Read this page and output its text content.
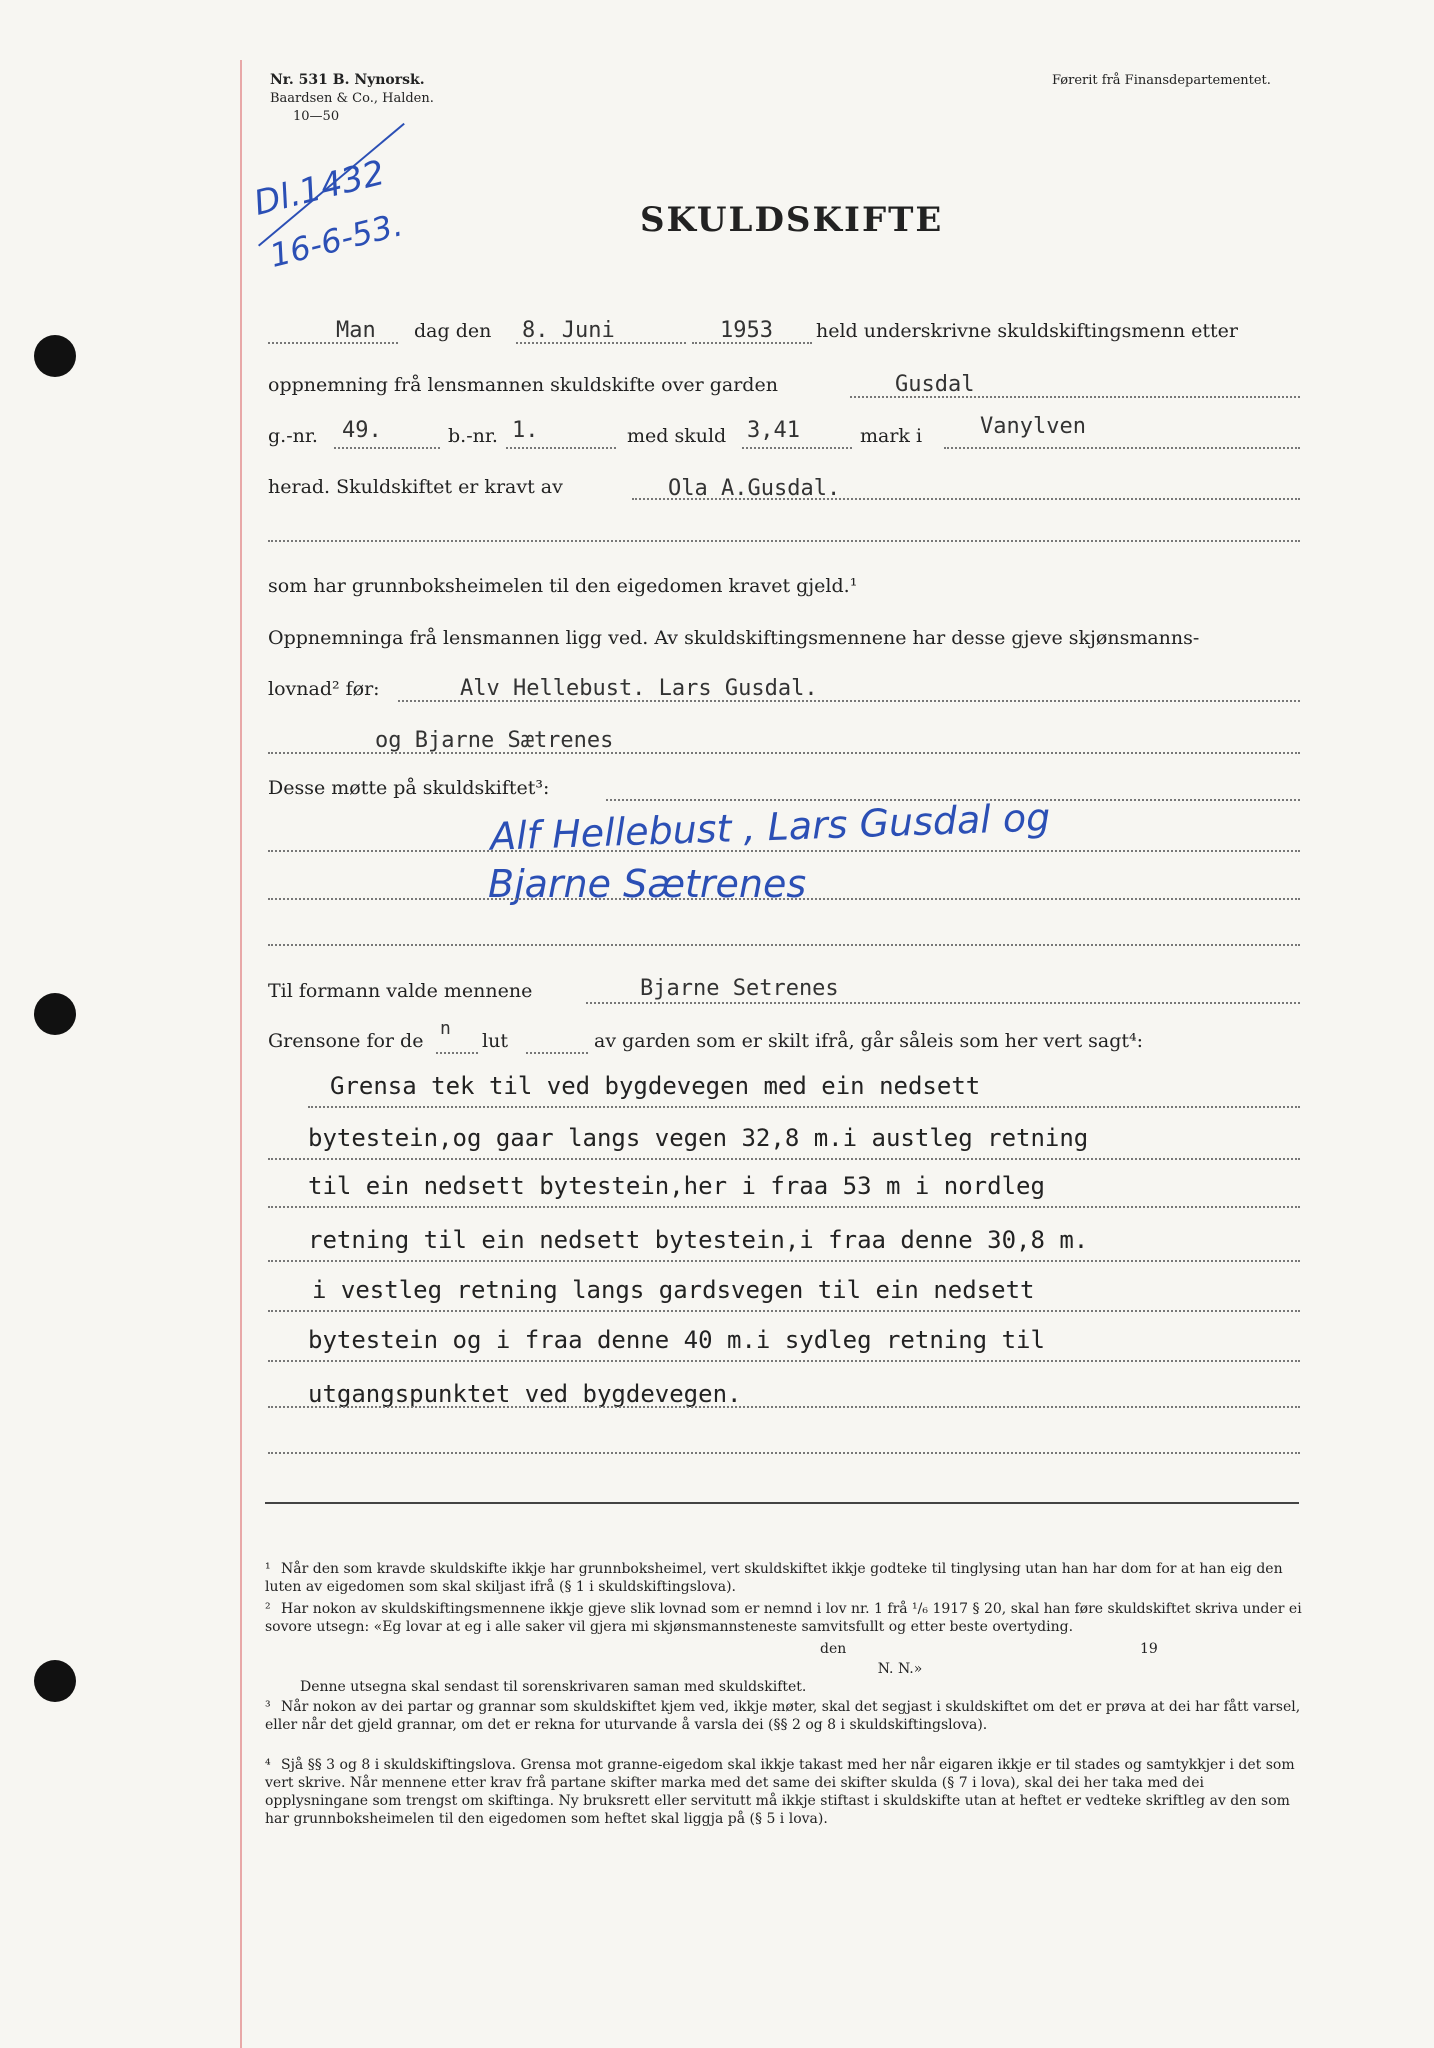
Nr. 531 B. Nynorsk.
Baardsen & Co., Halden.
10—50
Førerit frå Finansdepartementet.
Dl.1432
16-6-53.	SKULDSKIFTE
Man dag den 8. Juni	1953 held underskrivne skuldskiftingsmenn etter
oppnemning frå lensmannen skuldskifte over garden	Gusdal
g.-nr. 49.	b.-nr. 1.	med skuld 3,41	mark i	Vanylven
herad. Skuldskiftet er kravt av	Ola A.Gusdal.
som har grunnboksheimelen til den eigedomen kravet gjeld.¹
Oppnemninga frå lensmannen ligg ved. Av skuldskiftingsmennene har desse gjeve skjønsmanns-
lovnad² før:	Alv Hellebust. Lars Gusdal.
og Bjarne Sætrenes
Desse møtte på skuldskiftet³:
Alf Hellebust , Lars Gusdal og
Bjarne Sætrenes
Til formann valde mennene	Bjarne Setrenes
Grensone for de
n
lut	av garden som er skilt ifrå, går såleis som her vert sagt⁴:
Grensa tek til ved bygdevegen med ein nedsett
bytestein,og gaar langs vegen 32,8 m.i austleg retning
til ein nedsett bytestein,her i fraa 53 m i nordleg
retning til ein nedsett bytestein,i fraa denne 30,8 m.
i vestleg retning langs gardsvegen til ein nedsett
bytestein og i fraa denne 40 m.i sydleg retning til
utgangspunktet ved bygdevegen.
¹ Når den som kravde skuldskifte ikkje har grunnboksheimel, vert skuldskiftet ikkje godteke til tinglysing utan han har dom for at han eig den luten av eigedomen som skal skiljast ifrå (§ 1 i skuldskiftingslova).
² Har nokon av skuldskiftingsmennene ikkje gjeve slik lovnad som er nemnd i lov nr. 1 frå ¹/₆ 1917 § 20, skal han føre skuldskiftet skriva under ei sovore utsegn: «Eg lovar at eg i alle saker vil gjera mi skjønsmannsteneste samvitsfullt og etter beste overtyding.
den	19
N. N.»
Denne utsegna skal sendast til sorenskrivaren saman med skuldskiftet.
³ Når nokon av dei partar og grannar som skuldskiftet kjem ved, ikkje møter, skal det segjast i skuldskiftet om det er prøva at dei har fått varsel, eller når det gjeld grannar, om det er rekna for uturvande å varsla dei (§§ 2 og 8 i skuldskiftingslova).
⁴ Sjå §§ 3 og 8 i skuldskiftingslova. Grensa mot granne-eigedom skal ikkje takast med her når eigaren ikkje er til stades og samtykkjer i det som vert skrive. Når mennene etter krav frå partane skifter marka med det same dei skifter skulda (§ 7 i lova), skal dei her taka med dei opplysningane som trengst om skiftinga. Ny bruksrett eller servitutt må ikkje stiftast i skuldskifte utan at heftet er vedteke skriftleg av den som har grunnboksheimelen til den eigedomen som heftet skal liggja på (§ 5 i lova).
